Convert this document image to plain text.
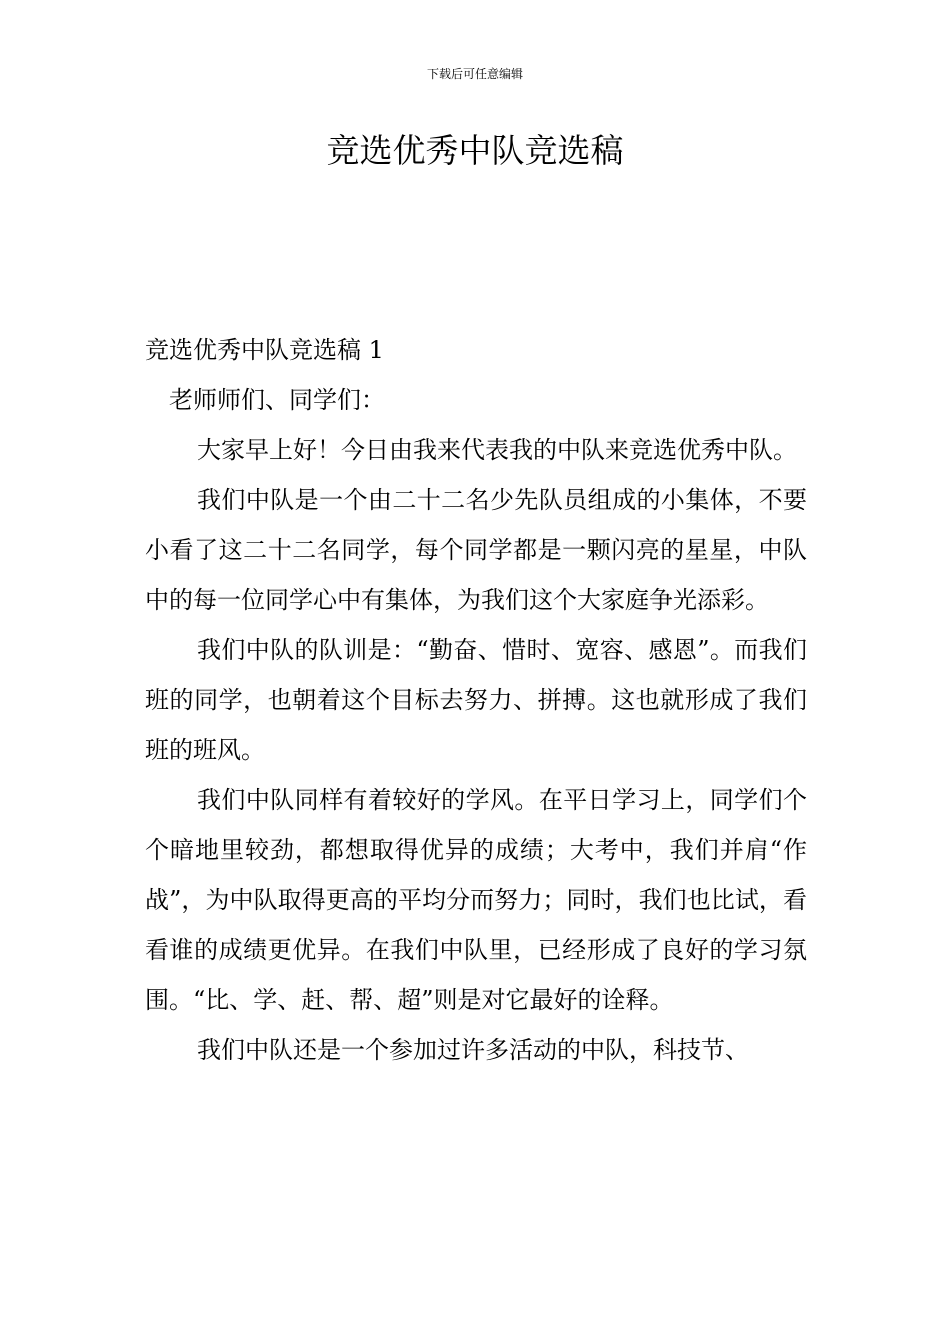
下载后可任意编辑
竞选优秀中队竞选稿
竞选优秀中队竞选稿 1

老师师们、同学们：

大家早上好！今日由我来代表我的中队来竞选优秀中队。

我们中队是一个由二十二名少先队员组成的小集体，不要小看了这二十二名同学，每个同学都是一颗闪亮的星星，中队中的每一位同学心中有集体，为我们这个大家庭争光添彩。

我们中队的队训是：“勤奋、惜时、宽容、感恩”。而我们班的同学，也朝着这个目标去努力、拼搏。这也就形成了我们班的班风。

我们中队同样有着较好的学风。在平日学习上，同学们个个暗地里较劲，都想取得优异的成绩；大考中，我们并肩“作战”，为中队取得更高的平均分而努力；同时，我们也比试，看看谁的成绩更优异。在我们中队里，已经形成了良好的学习氛围。“比、学、赶、帮、超”则是对它最好的诠释。

我们中队还是一个参加过许多活动的中队，科技节、
